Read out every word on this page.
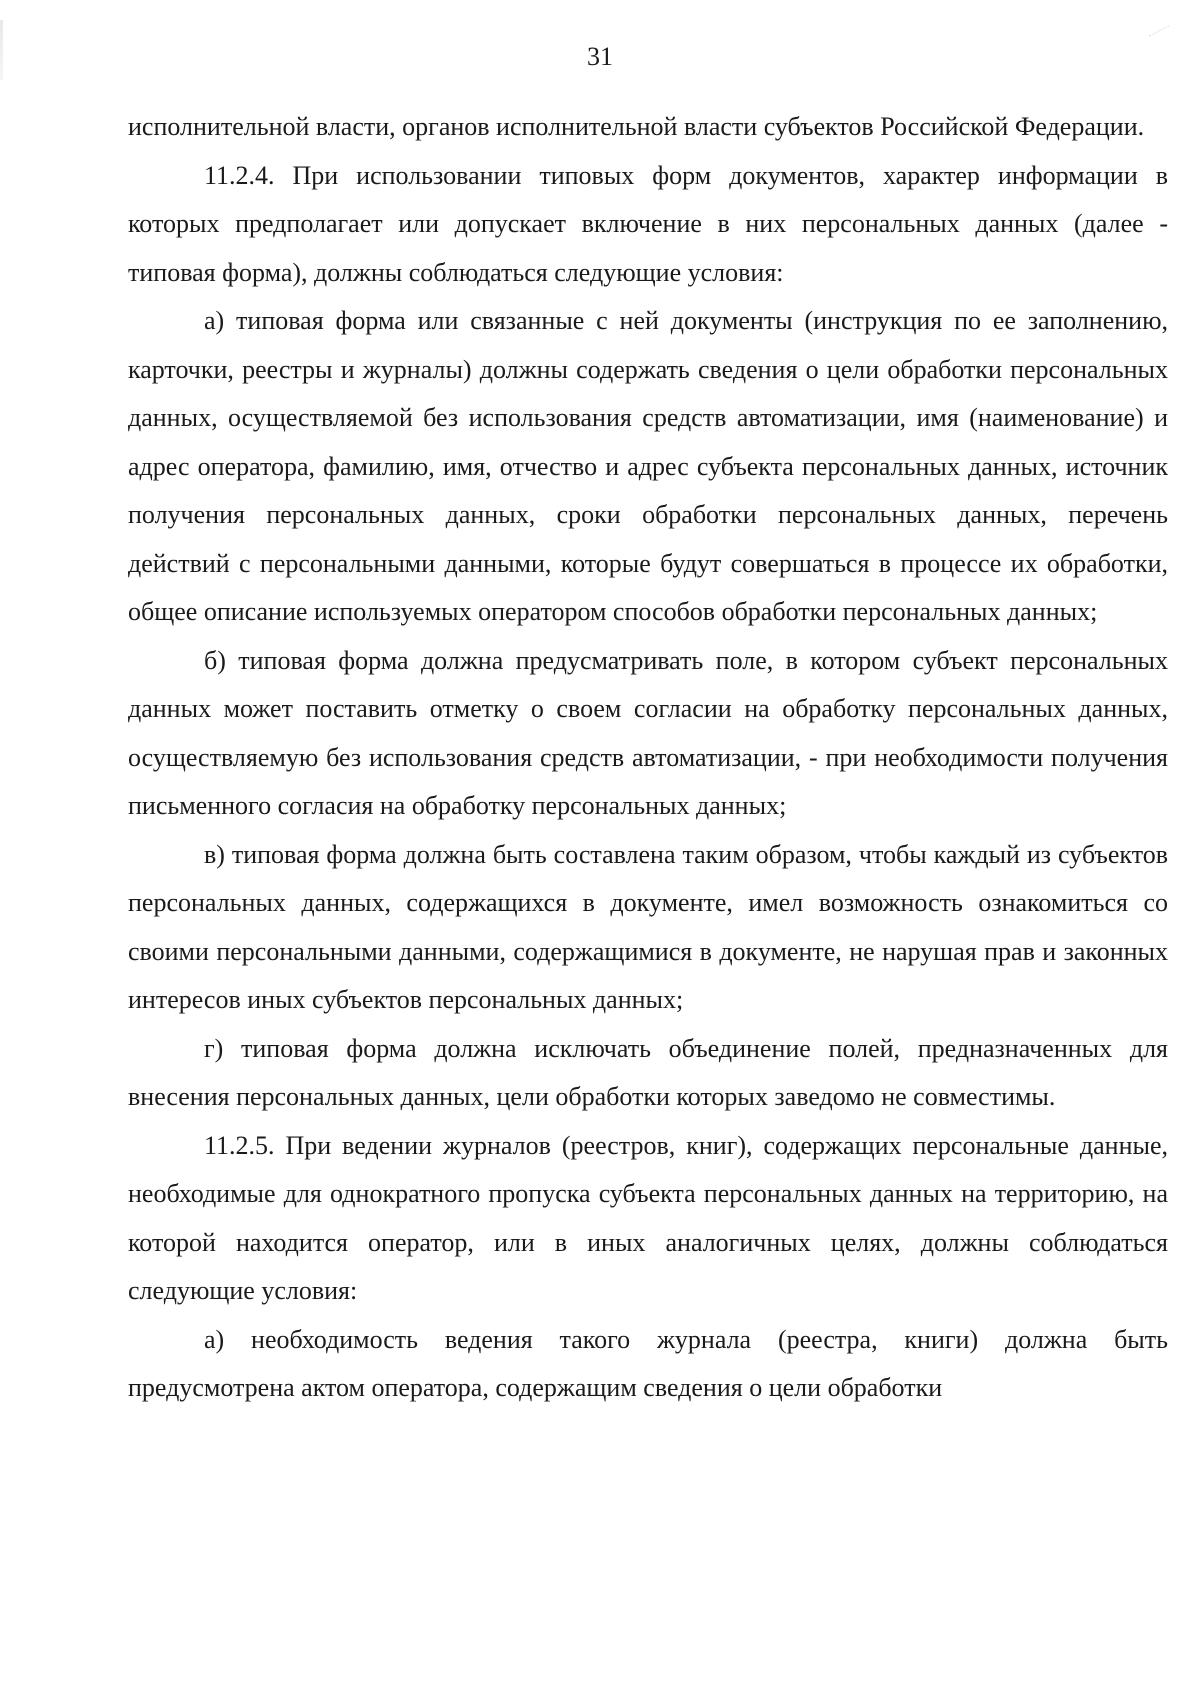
31

исполнительной власти, органов исполнительной власти субъектов Российской Федерации.

11.2.4. При использовании типовых форм документов, характер информации в которых предполагает или допускает включение в них персональных данных (далее - типовая форма), должны соблюдаться следующие условия:

а) типовая форма или связанные с ней документы (инструкция по ее заполнению, карточки, реестры и журналы) должны содержать сведения о цели обработки персональных данных, осуществляемой без использования средств автоматизации, имя (наименование) и адрес оператора, фамилию, имя, отчество и адрес субъекта персональных данных, источник получения персональных данных, сроки обработки персональных данных, перечень действий с персональными данными, которые будут совершаться в процессе их обработки, общее описание используемых оператором способов обработки персональных данных;

б) типовая форма должна предусматривать поле, в котором субъект персональных данных может поставить отметку о своем согласии на обработку персональных данных, осуществляемую без использования средств автоматизации, - при необходимости получения письменного согласия на обработку персональных данных;

в) типовая форма должна быть составлена таким образом, чтобы каждый из субъектов персональных данных, содержащихся в документе, имел возможность ознакомиться со своими персональными данными, содержащимися в документе, не нарушая прав и законных интересов иных субъектов персональных данных;

г) типовая форма должна исключать объединение полей, предназначенных для внесения персональных данных, цели обработки которых заведомо не совместимы.

11.2.5. При ведении журналов (реестров, книг), содержащих персональные данные, необходимые для однократного пропуска субъекта персональных данных на территорию, на которой находится оператор, или в иных аналогичных целях, должны соблюдаться следующие условия:

а) необходимость ведения такого журнала (реестра, книги) должна быть предусмотрена актом оператора, содержащим сведения о цели обработки
